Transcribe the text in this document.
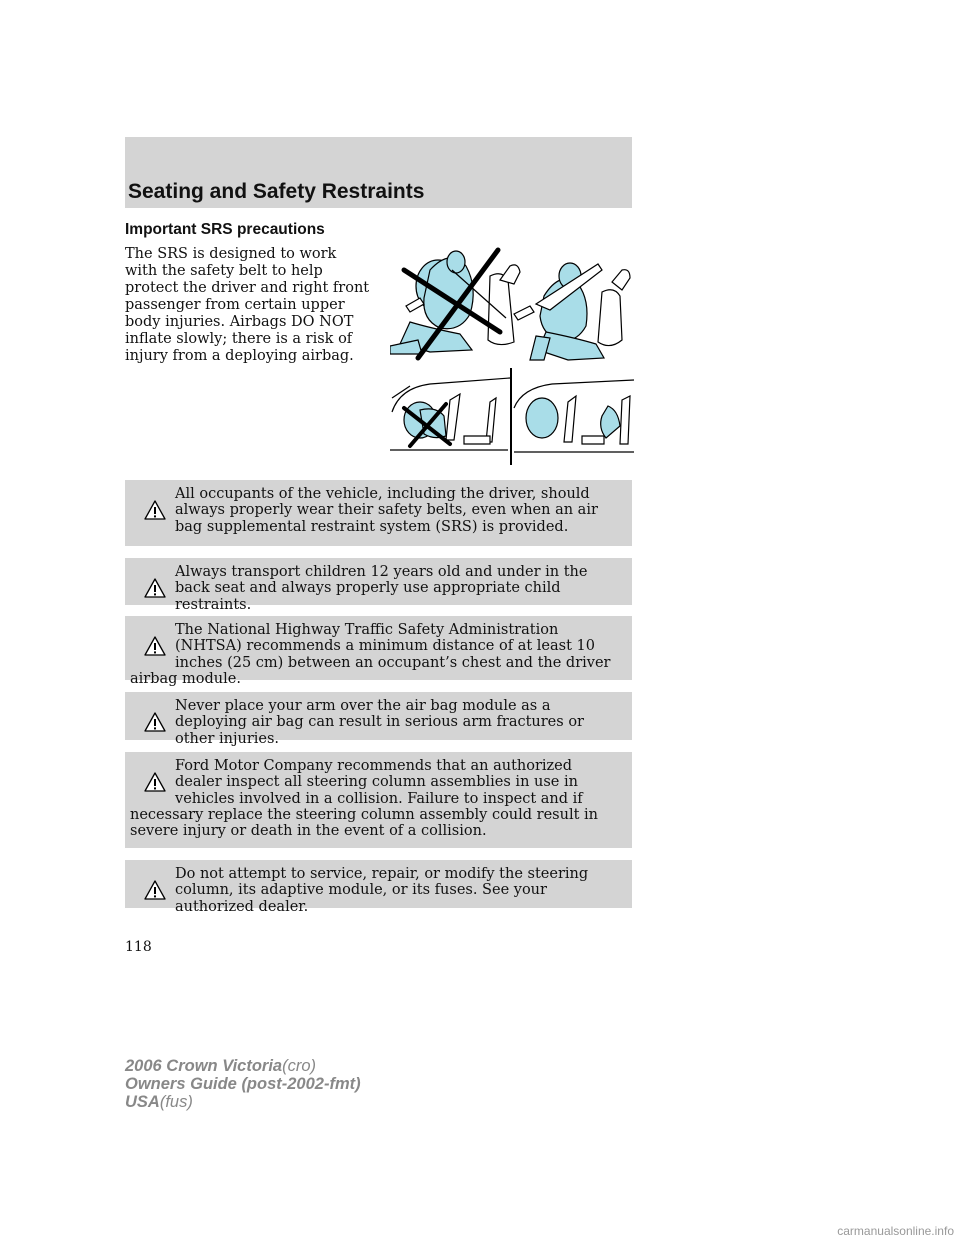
Seating and Safety Restraints
Important SRS precautions
The SRS is designed to work with the safety belt to help protect the driver and right front passenger from certain upper body injuries. Airbags DO NOT inflate slowly; there is a risk of injury from a deploying airbag.
All occupants of the vehicle, including the driver, should always properly wear their safety belts, even when an air bag supplemental restraint system (SRS) is provided.
Always transport children 12 years old and under in the back seat and always properly use appropriate child restraints.
The National Highway Traffic Safety Administration (NHTSA) recommends a minimum distance of at least 10 inches (25 cm) between an occupant’s chest and the driver airbag module.
Never place your arm over the air bag module as a deploying air bag can result in serious arm fractures or other injuries.
Ford Motor Company recommends that an authorized dealer inspect all steering column assemblies in use in vehicles involved in a collision. Failure to inspect and if necessary replace the steering column assembly could result in severe injury or death in the event of a collision.
Do not attempt to service, repair, or modify the steering column, its adaptive module, or its fuses. See your authorized dealer.
118
2006 Crown Victoria(cro)
Owners Guide (post-2002-fmt)
USA(fus)
carmanualsonline.info
